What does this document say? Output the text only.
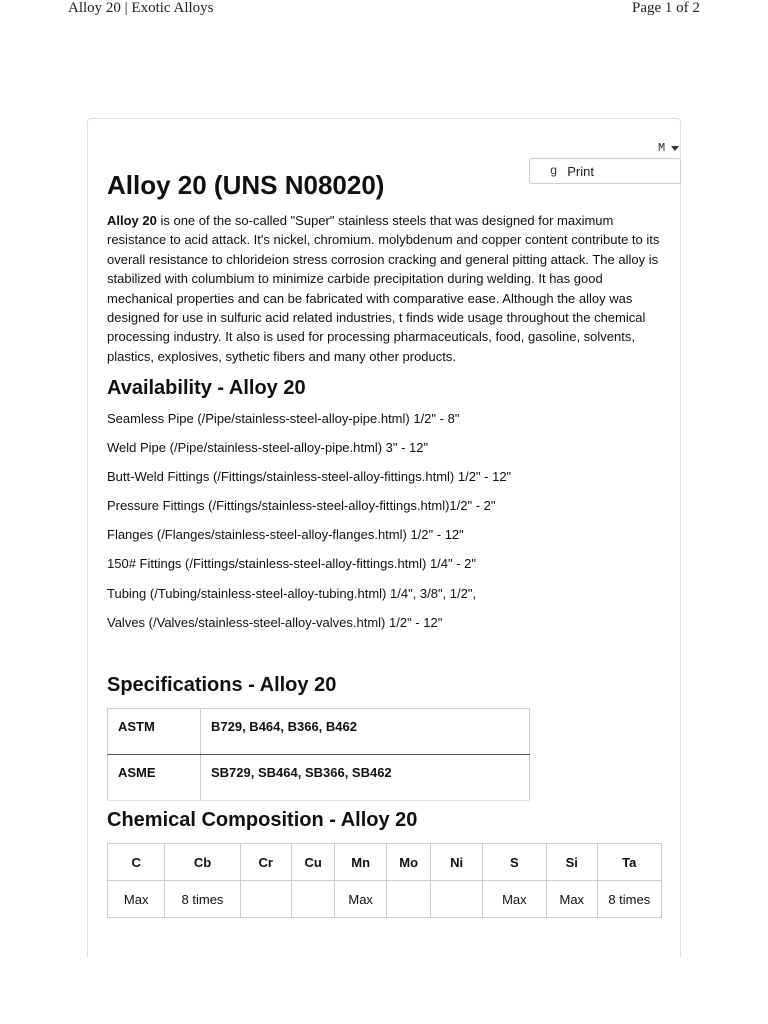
Alloy 20 | Exotic Alloys	Page 1 of 2
M
g Print
Alloy 20 (UNS N08020)

Alloy 20 is one of the so-called "Super" stainless steels that was designed for maximum resistance to acid attack. It's nickel, chromium. molybdenum and copper content contribute to its overall resistance to chlorideion stress corrosion cracking and general pitting attack. The alloy is stabilized with columbium to minimize carbide precipitation during welding. It has good mechanical properties and can be fabricated with comparative ease. Although the alloy was designed for use in sulfuric acid related industries, t finds wide usage throughout the chemical processing industry. It also is used for processing pharmaceuticals, food, gasoline, solvents, plastics, explosives, sythetic fibers and many other products.

Availability - Alloy 20
Seamless Pipe (/Pipe/stainless-steel-alloy-pipe.html) 1/2" - 8"
Weld Pipe (/Pipe/stainless-steel-alloy-pipe.html) 3" - 12"
Butt-Weld Fittings (/Fittings/stainless-steel-alloy-fittings.html) 1/2" - 12"
Pressure Fittings (/Fittings/stainless-steel-alloy-fittings.html)1/2" - 2"
Flanges (/Flanges/stainless-steel-alloy-flanges.html) 1/2" - 12"
150# Fittings (/Fittings/stainless-steel-alloy-fittings.html) 1/4" - 2"
Tubing (/Tubing/stainless-steel-alloy-tubing.html) 1/4", 3/8", 1/2",
Valves (/Valves/stainless-steel-alloy-valves.html) 1/2" - 12"
Specifications - Alloy 20
ASTM	B729, B464, B366, B462
ASME	SB729, SB464, SB366, SB462
Chemical Composition - Alloy 20
C	Cb	Cr	Cu	Mn	Mo	Ni	S	Si	Ta
Max	8 times			Max			Max	Max	8 times
